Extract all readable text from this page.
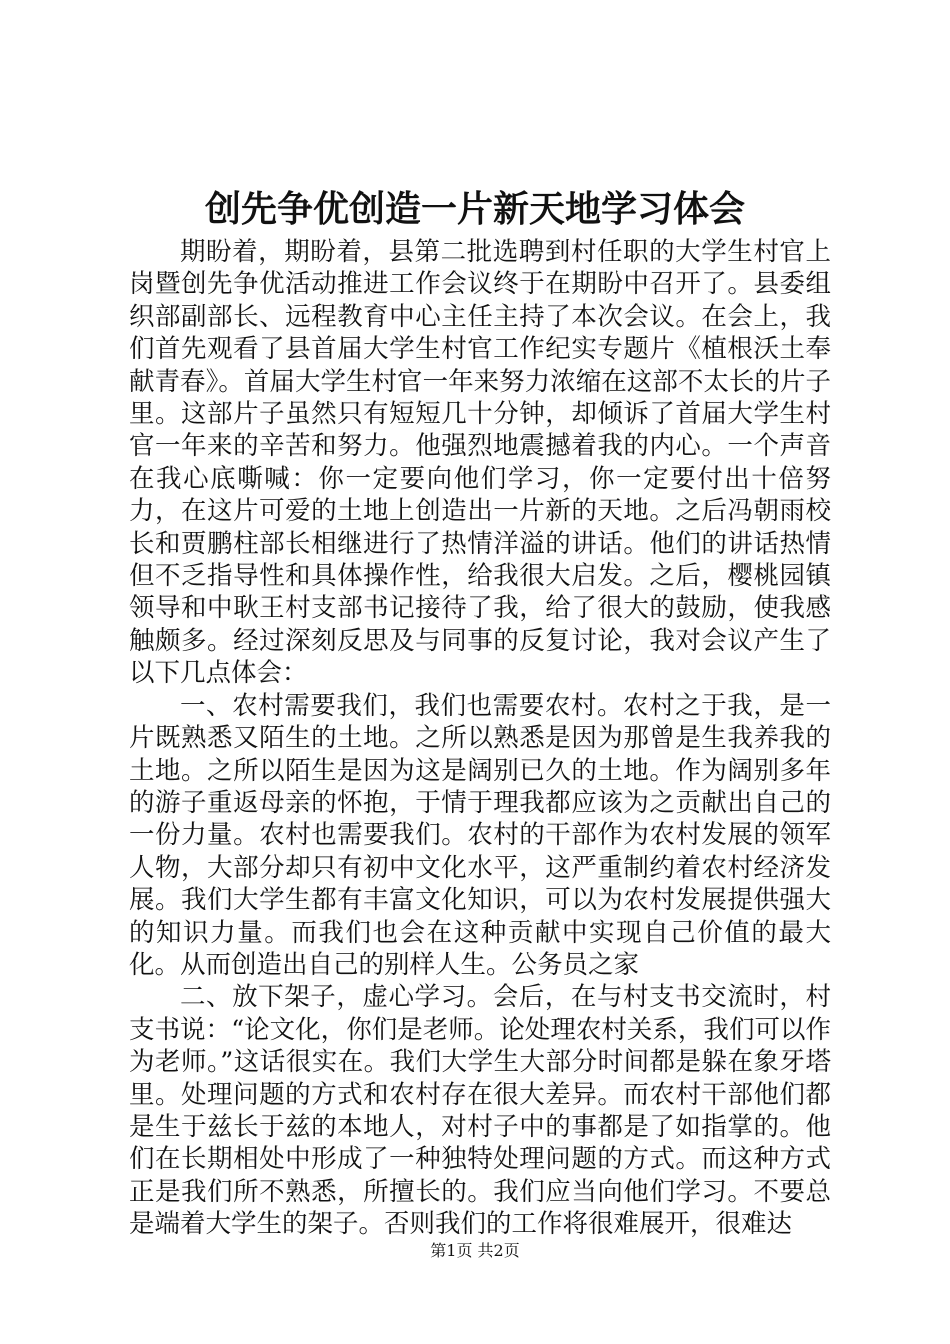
创先争优创造一片新天地学习体会

期盼着，期盼着，县第二批选聘到村任职的大学生村官上岗暨创先争优活动推进工作会议终于在期盼中召开了。县委组织部副部长、远程教育中心主任主持了本次会议。在会上，我们首先观看了县首届大学生村官工作纪实专题片《植根沃土奉献青春》。首届大学生村官一年来努力浓缩在这部不太长的片子里。这部片子虽然只有短短几十分钟，却倾诉了首届大学生村官一年来的辛苦和努力。他强烈地震撼着我的内心。一个声音在我心底嘶喊：你一定要向他们学习，你一定要付出十倍努力，在这片可爱的土地上创造出一片新的天地。之后冯朝雨校长和贾鹏柱部长相继进行了热情洋溢的讲话。他们的讲话热情但不乏指导性和具体操作性，给我很大启发。之后，樱桃园镇领导和中耿王村支部书记接待了我，给了很大的鼓励，使我感触颇多。经过深刻反思及与同事的反复讨论，我对会议产生了以下几点体会：

一、农村需要我们，我们也需要农村。农村之于我，是一片既熟悉又陌生的土地。之所以熟悉是因为那曾是生我养我的土地。之所以陌生是因为这是阔别已久的土地。作为阔别多年的游子重返母亲的怀抱，于情于理我都应该为之贡献出自己的一份力量。农村也需要我们。农村的干部作为农村发展的领军人物，大部分却只有初中文化水平，这严重制约着农村经济发展。我们大学生都有丰富文化知识，可以为农村发展提供强大的知识力量。而我们也会在这种贡献中实现自己价值的最大化。从而创造出自己的别样人生。公务员之家

二、放下架子，虚心学习。会后，在与村支书交流时，村支书说：“论文化，你们是老师。论处理农村关系，我们可以作为老师。”这话很实在。我们大学生大部分时间都是躲在象牙塔里。处理问题的方式和农村存在很大差异。而农村干部他们都是生于兹长于兹的本地人，对村子中的事都是了如指掌的。他们在长期相处中形成了一种独特处理问题的方式。而这种方式正是我们所不熟悉，所擅长的。我们应当向他们学习。不要总是端着大学生的架子。否则我们的工作将很难展开，很难达

第1页 共2页
